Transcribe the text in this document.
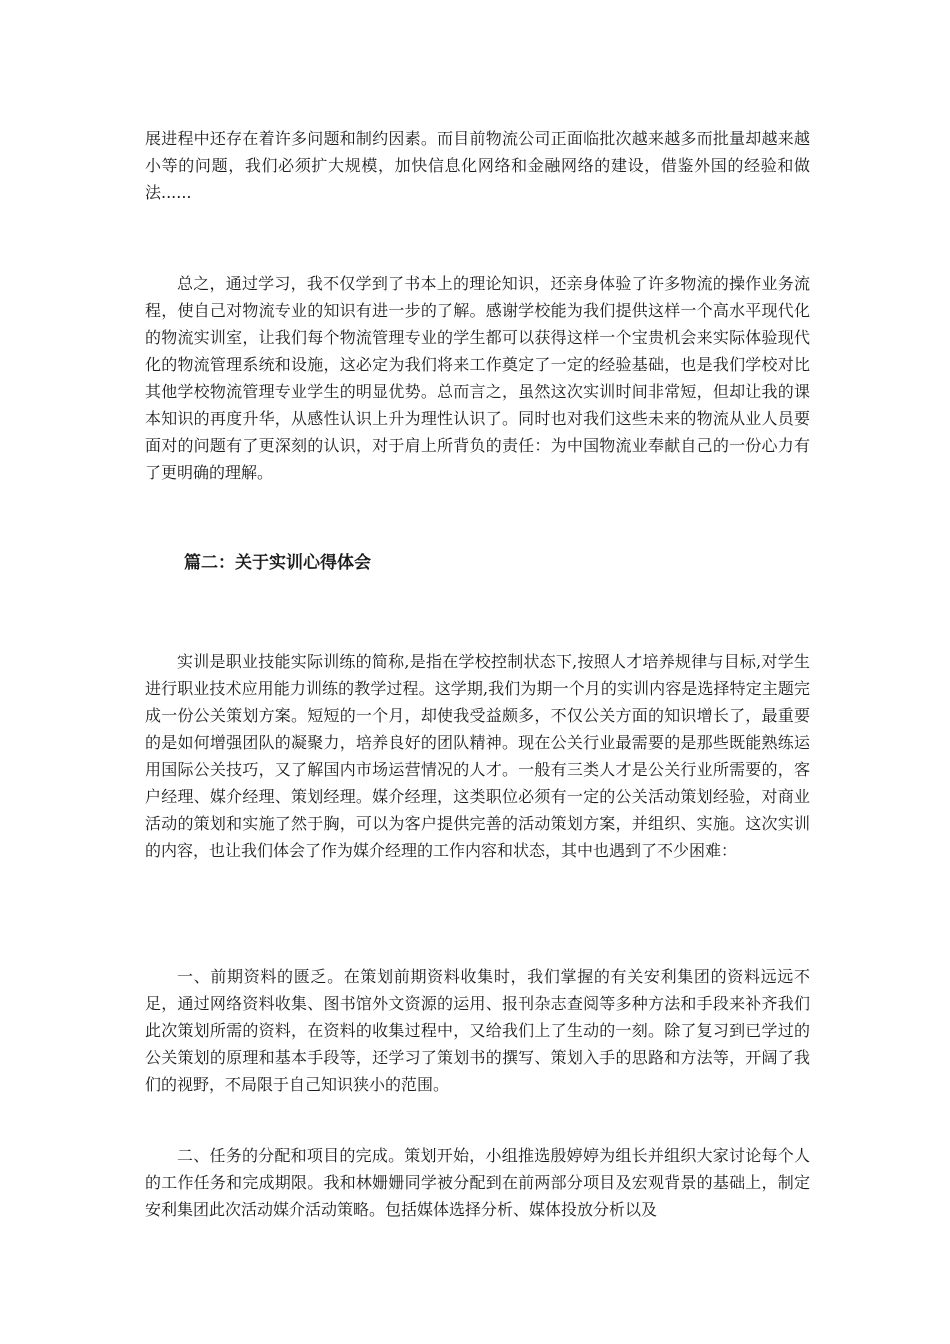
展进程中还存在着许多问题和制约因素。而目前物流公司正面临批次越来越多而批量却越来越小等的问题，我们必须扩大规模，加快信息化网络和金融网络的建设，借鉴外国的经验和做法......

总之，通过学习，我不仅学到了书本上的理论知识，还亲身体验了许多物流的操作业务流程，使自己对物流专业的知识有进一步的了解。感谢学校能为我们提供这样一个高水平现代化的物流实训室，让我们每个物流管理专业的学生都可以获得这样一个宝贵机会来实际体验现代化的物流管理系统和设施，这必定为我们将来工作奠定了一定的经验基础，也是我们学校对比其他学校物流管理专业学生的明显优势。总而言之，虽然这次实训时间非常短，但却让我的课本知识的再度升华，从感性认识上升为理性认识了。同时也对我们这些未来的物流从业人员要面对的问题有了更深刻的认识，对于肩上所背负的责任：为中国物流业奉献自己的一份心力有了更明确的理解。

篇二：关于实训心得体会

实训是职业技能实际训练的简称,是指在学校控制状态下,按照人才培养规律与目标,对学生进行职业技术应用能力训练的教学过程。这学期,我们为期一个月的实训内容是选择特定主题完成一份公关策划方案。短短的一个月，却使我受益颇多，不仅公关方面的知识增长了，最重要的是如何增强团队的凝聚力，培养良好的团队精神。现在公关行业最需要的是那些既能熟练运用国际公关技巧，又了解国内市场运营情况的人才。一般有三类人才是公关行业所需要的，客户经理、媒介经理、策划经理。媒介经理，这类职位必须有一定的公关活动策划经验，对商业活动的策划和实施了然于胸，可以为客户提供完善的活动策划方案，并组织、实施。这次实训的内容，也让我们体会了作为媒介经理的工作内容和状态，其中也遇到了不少困难：

一、前期资料的匮乏。在策划前期资料收集时，我们掌握的有关安利集团的资料远远不足，通过网络资料收集、图书馆外文资源的运用、报刊杂志查阅等多种方法和手段来补齐我们此次策划所需的资料，在资料的收集过程中，又给我们上了生动的一刻。除了复习到已学过的公关策划的原理和基本手段等，还学习了策划书的撰写、策划入手的思路和方法等，开阔了我们的视野，不局限于自己知识狭小的范围。

二、任务的分配和项目的完成。策划开始，小组推选殷婷婷为组长并组织大家讨论每个人的工作任务和完成期限。我和林姗姗同学被分配到在前两部分项目及宏观背景的基础上，制定安利集团此次活动媒介活动策略。包括媒体选择分析、媒体投放分析以及
